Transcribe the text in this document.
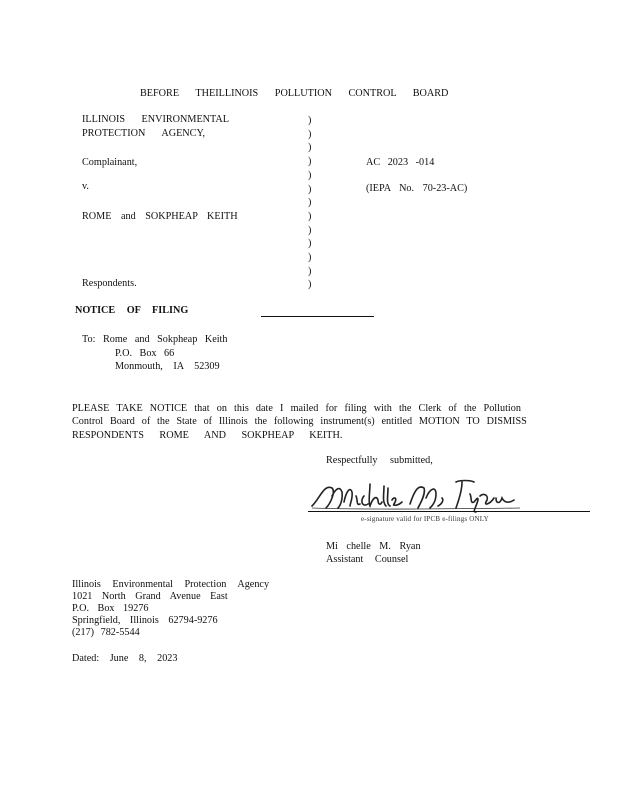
BEFORE THEILLINOIS POLLUTION CONTROL BOARD
ILLINOIS ENVIRONMENTAL
PROTECTION AGENCY,
Complainant,
v.
ROME and SOKPHEAP KEITH
Respondents.
)
)
)
)
)
)
)
)
)
)
)
)
)
AC 2023 -014
(IEPA No. 70-23-AC)
NOTICE OF FILING
To: Rome and Sokpheap Keith
P.O. Box 66
Monmouth, IA 52309
PLEASE TAKE NOTICE that on this date I mailed for filing with the Clerk of the Pollution
Control Board of the State of Illinois the following instrument(s) entitled MOTION TO DISMISS
RESPONDENTS ROME AND SOKPHEAP KEITH.
Respectfully submitted,
e-signature valid for IPCB e-filings ONLY
Mi chelle M. Ryan
Assistant Counsel
Illinois Environmental Protection Agency
1021 North Grand Avenue East
P.O. Box 19276
Springfield, Illinois 62794-9276
(217) 782-5544
Dated: June 8, 2023
